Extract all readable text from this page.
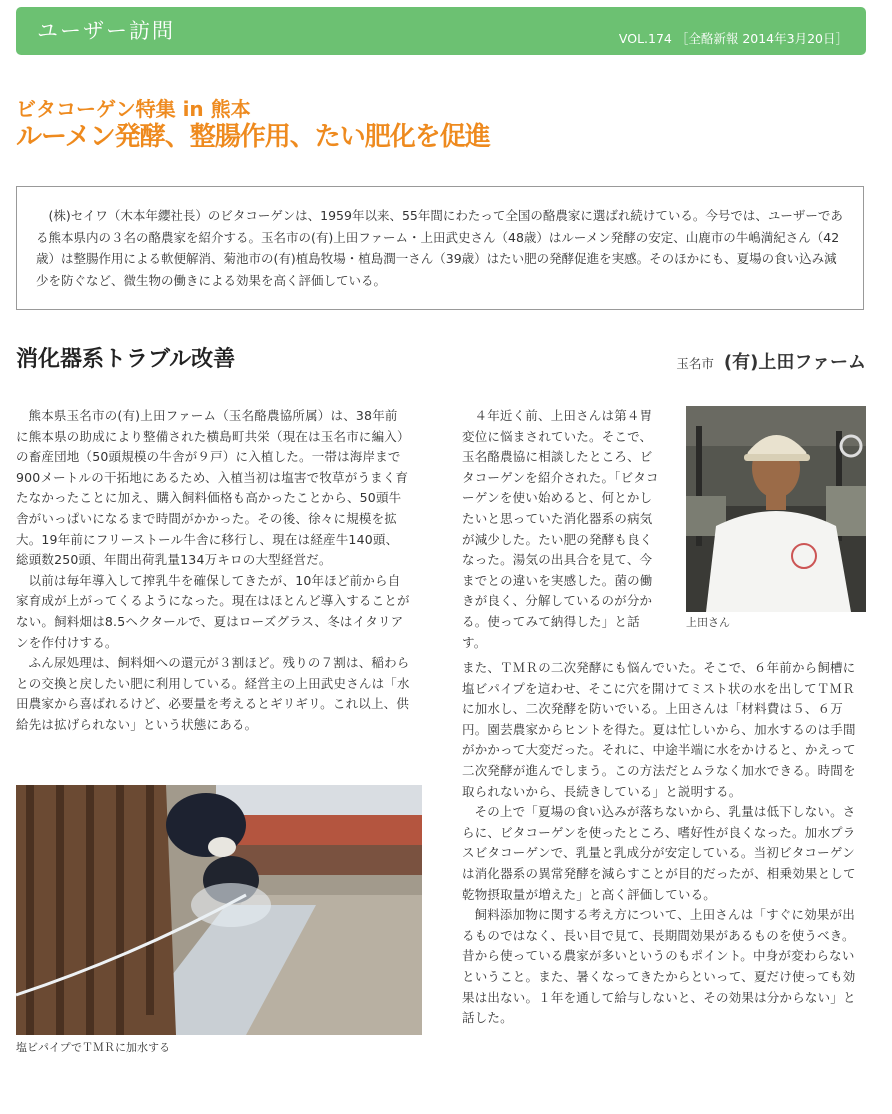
ユーザー訪問	VOL.174 ［全酪新報 2014年3月20日］
ビタコーゲン特集 in 熊本
ルーメン発酵、整腸作用、たい肥化を促進

(株)セイワ（木本年纓社長）のビタコーゲンは、1959年以来、55年間にわたって全国の酪農家に選ばれ続けている。今号では、ユーザーである熊本県内の３名の酪農家を紹介する。玉名市の(有)上田ファーム・上田武史さん（48歳）はルーメン発酵の安定、山鹿市の牛嶋満紀さん（42歳）は整腸作用による軟便解消、菊池市の(有)植島牧場・植島潤一さん（39歳）はたい肥の発酵促進を実感。そのほかにも、夏場の食い込み減少を防ぐなど、微生物の働きによる効果を高く評価している。

消化器系トラブル改善	玉名市 (有)上田ファーム

熊本県玉名市の(有)上田ファーム（玉名酪農協所属）は、38年前に熊本県の助成により整備された横島町共栄（現在は玉名市に編入）の畜産団地（50頭規模の牛舎が９戸）に入植した。一帯は海岸まで900メートルの干拓地にあるため、入植当初は塩害で牧草がうまく育たなかったことに加え、購入飼料価格も高かったことから、50頭牛舎がいっぱいになるまで時間がかかった。その後、徐々に規模を拡大。19年前にフリーストール牛舎に移行し、現在は経産牛140頭、総頭数250頭、年間出荷乳量134万キロの大型経営だ。

以前は毎年導入して搾乳牛を確保してきたが、10年ほど前から自家育成が上がってくるようになった。現在はほとんど導入することがない。飼料畑は8.5ヘクタールで、夏はローズグラス、冬はイタリアンを作付けする。

ふん尿処理は、飼料畑への還元が３割ほど。残りの７割は、稲わらとの交換と戻したい肥に利用している。経営主の上田武史さんは「水田農家から喜ばれるけど、必要量を考えるとギリギリ。これ以上、供給先は拡げられない」という状態にある。

４年近く前、上田さんは第４胃変位に悩まされていた。そこで、玉名酪農協に相談したところ、ビタコーゲンを紹介された。「ビタコーゲンを使い始めると、何とかしたいと思っていた消化器系の病気が減少した。たい肥の発酵も良くなった。湯気の出具合を見て、今までとの違いを実感した。菌の働きが良く、分解しているのが分かる。使ってみて納得した」と話す。

また、ＴＭＲの二次発酵にも悩んでいた。そこで、６年前から飼槽に塩ビパイプを這わせ、そこに穴を開けてミスト状の水を出してＴＭＲに加水し、二次発酵を防いでいる。上田さんは「材料費は５、６万円。園芸農家からヒントを得た。夏は忙しいから、加水するのは手間がかかって大変だった。それに、中途半端に水をかけると、かえって二次発酵が進んでしまう。この方法だとムラなく加水できる。時間を取られないから、長続きしている」と説明する。

その上で「夏場の食い込みが落ちないから、乳量は低下しない。さらに、ビタコーゲンを使ったところ、嗜好性が良くなった。加水プラスビタコーゲンで、乳量と乳成分が安定している。当初ビタコーゲンは消化器系の異常発酵を減らすことが目的だったが、相乗効果として乾物摂取量が増えた」と高く評価している。

飼料添加物に関する考え方について、上田さんは「すぐに効果が出るものではなく、長い目で見て、長期間効果があるものを使うべき。昔から使っている農家が多いというのもポイント。中身が変わらないということ。また、暑くなってきたからといって、夏だけ使っても効果は出ない。１年を通して給与しないと、その効果は分からない」と話した。

上田さん
塩ビパイプでＴＭＲに加水する
